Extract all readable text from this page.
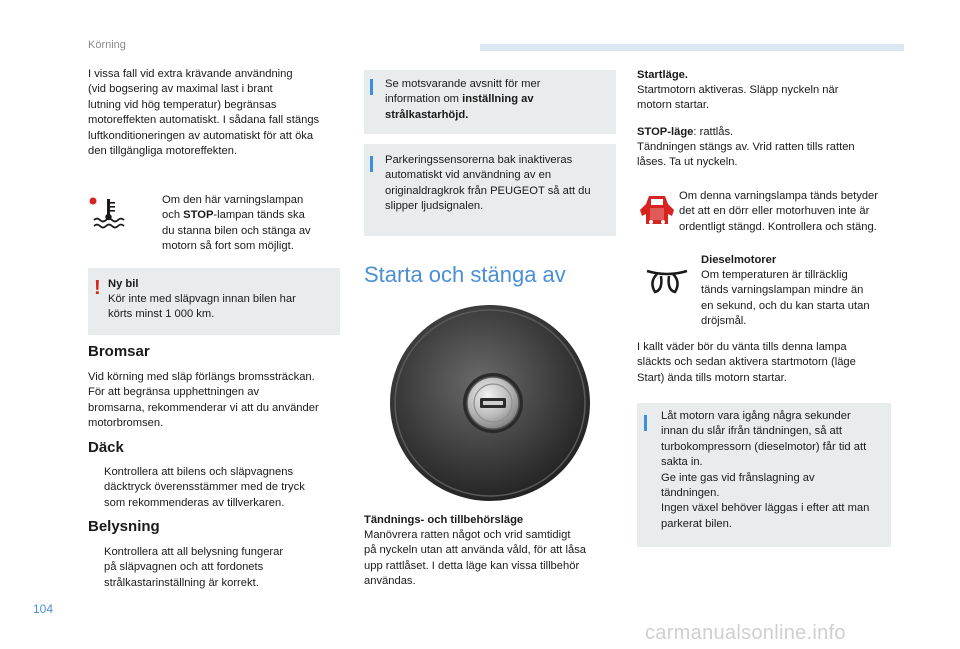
Körning
I vissa fall vid extra krävande användning
(vid bogsering av maximal last i brant
lutning vid hög temperatur) begränsas
motoreffekten automatiskt. I sådana fall stängs
luftkonditioneringen av automatiskt för att öka
den tillgängliga motoreffekten.
Om den här varningslampan
och STOP-lampan tänds ska
du stanna bilen och stänga av
motorn så fort som möjligt.
! Ny bil
Kör inte med släpvagn innan bilen har
körts minst 1 000 km.
Bromsar
Vid körning med släp förlängs bromssträckan.
För att begränsa upphettningen av
bromsarna, rekommenderar vi att du använder
motorbromsen.
Däck
Kontrollera att bilens och släpvagnens
däcktryck överensstämmer med de tryck
som rekommenderas av tillverkaren.
Belysning
Kontrollera att all belysning fungerar
på släpvagnen och att fordonets
strålkastarinställning är korrekt.
Se motsvarande avsnitt för mer
information om inställning av
strålkastarhöjd.
Parkeringssensorerna bak inaktiveras
automatiskt vid användning av en
originaldragkrok från PEUGEOT så att du
slipper ljudsignalen.
Starta och stänga av
Tändnings- och tillbehörsläge
Manövrera ratten något och vrid samtidigt
på nyckeln utan att använda våld, för att låsa
upp rattlåset. I detta läge kan vissa tillbehör
användas.
Startläge.
Startmotorn aktiveras. Släpp nyckeln när
motorn startar.
STOP-läge: rattlås.
Tändningen stängs av. Vrid ratten tills ratten
låses. Ta ut nyckeln.
Om denna varningslampa tänds betyder
det att en dörr eller motorhuven inte är
ordentligt stängd. Kontrollera och stäng.
Dieselmotorer
Om temperaturen är tillräcklig
tänds varningslampan mindre än
en sekund, och du kan starta utan
dröjsmål.
I kallt väder bör du vänta tills denna lampa
släckts och sedan aktivera startmotorn (läge
Start) ända tills motorn startar.
Låt motorn vara igång några sekunder
innan du slår ifrån tändningen, så att
turbokompressorn (dieselmotor) får tid att
sakta in.
Ge inte gas vid frånslagning av
tändningen.
Ingen växel behöver läggas i efter att man
parkerat bilen.
104
carmanualsonline.info
